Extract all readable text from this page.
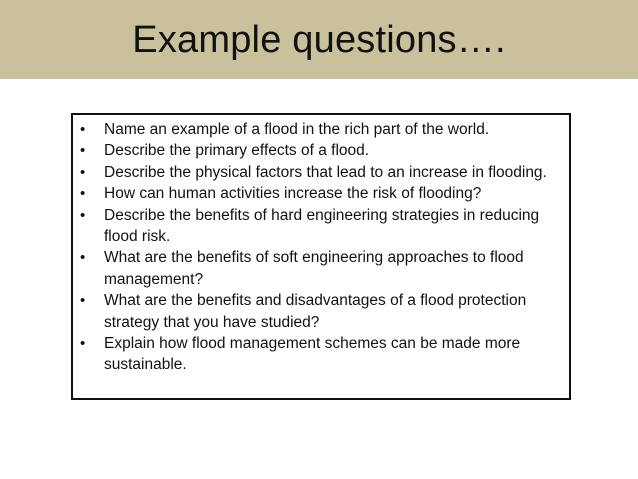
Example questions….
•	Name an example of a flood in the rich part of the world.
•	Describe the primary effects of a flood.
•	Describe the physical factors that lead to an increase in flooding.
•	How can human activities increase the risk of flooding?
•	Describe the benefits of hard engineering strategies in reducing flood risk.
•	What are the benefits of soft engineering approaches to flood management?
•	What are the benefits and disadvantages of a flood protection strategy that you have studied?
•	Explain how flood management schemes can be made more sustainable.
